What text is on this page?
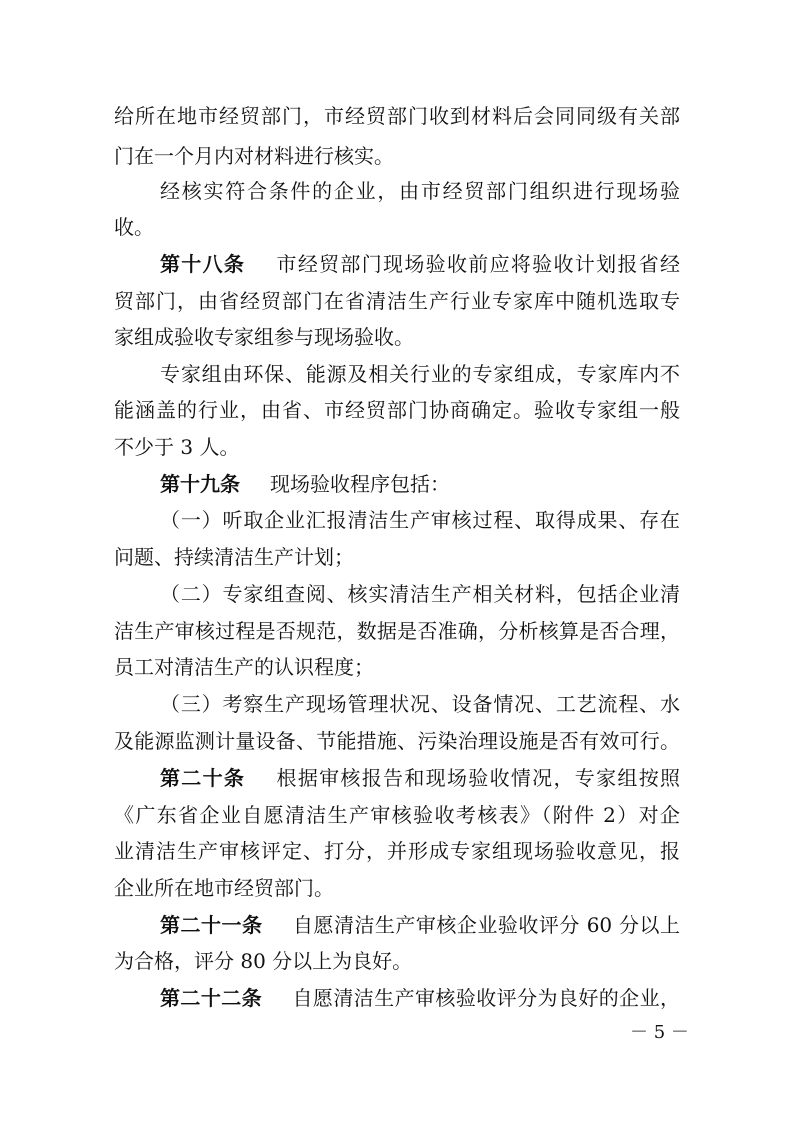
给所在地市经贸部门，市经贸部门收到材料后会同同级有关部
门在一个月内对材料进行核实。
经核实符合条件的企业，由市经贸部门组织进行现场验
收。
第十八条 市经贸部门现场验收前应将验收计划报省经
贸部门，由省经贸部门在省清洁生产行业专家库中随机选取专
家组成验收专家组参与现场验收。
专家组由环保、能源及相关行业的专家组成，专家库内不
能涵盖的行业，由省、市经贸部门协商确定。验收专家组一般
不少于 3 人。
第十九条 现场验收程序包括：
（一）听取企业汇报清洁生产审核过程、取得成果、存在
问题、持续清洁生产计划；
（二）专家组查阅、核实清洁生产相关材料，包括企业清
洁生产审核过程是否规范，数据是否准确，分析核算是否合理，
员工对清洁生产的认识程度；
（三）考察生产现场管理状况、设备情况、工艺流程、水
及能源监测计量设备、节能措施、污染治理设施是否有效可行。
第二十条 根据审核报告和现场验收情况，专家组按照
《广东省企业自愿清洁生产审核验收考核表》（附件 2）对企
业清洁生产审核评定、打分，并形成专家组现场验收意见，报
企业所在地市经贸部门。
第二十一条 自愿清洁生产审核企业验收评分 60 分以上
为合格，评分 80 分以上为良好。
第二十二条 自愿清洁生产审核验收评分为良好的企业，
－ 5 －
